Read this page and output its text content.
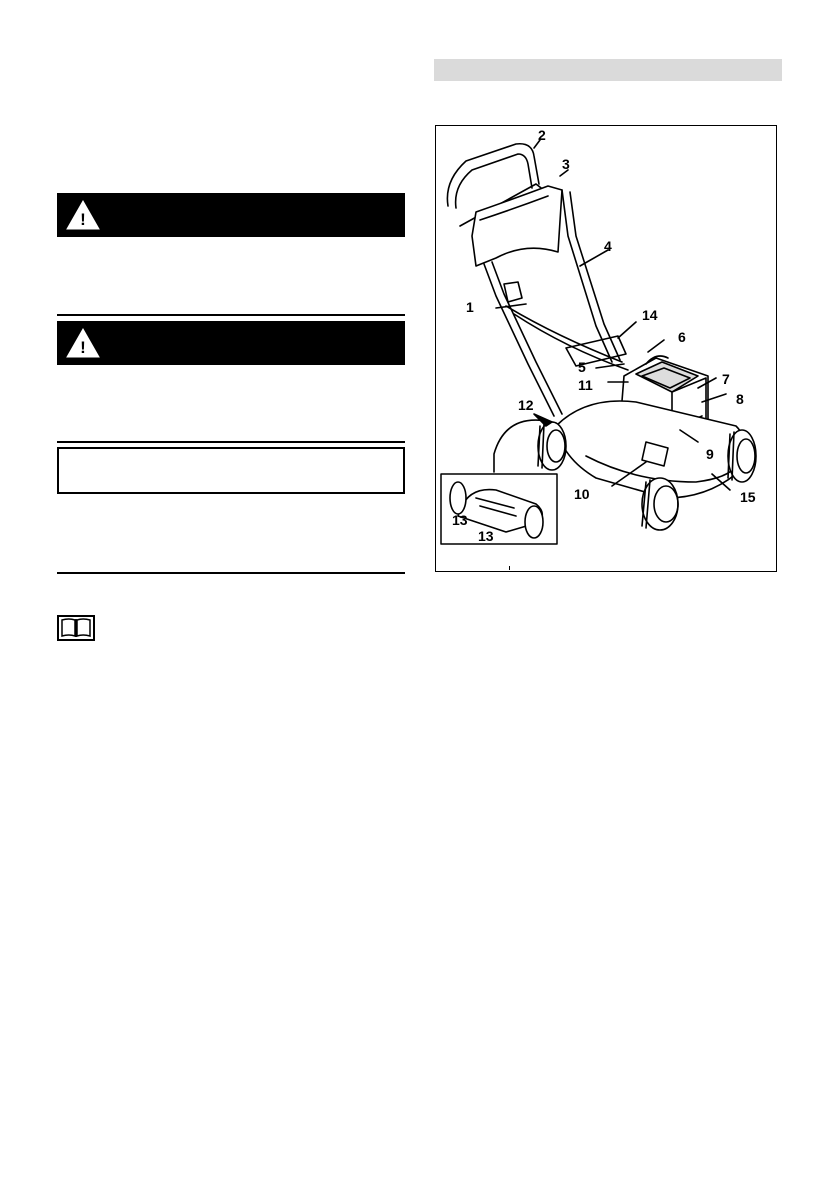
!
!
1
2
3
4
5
6
7
8
9
10
11
12
13
13
14
15
